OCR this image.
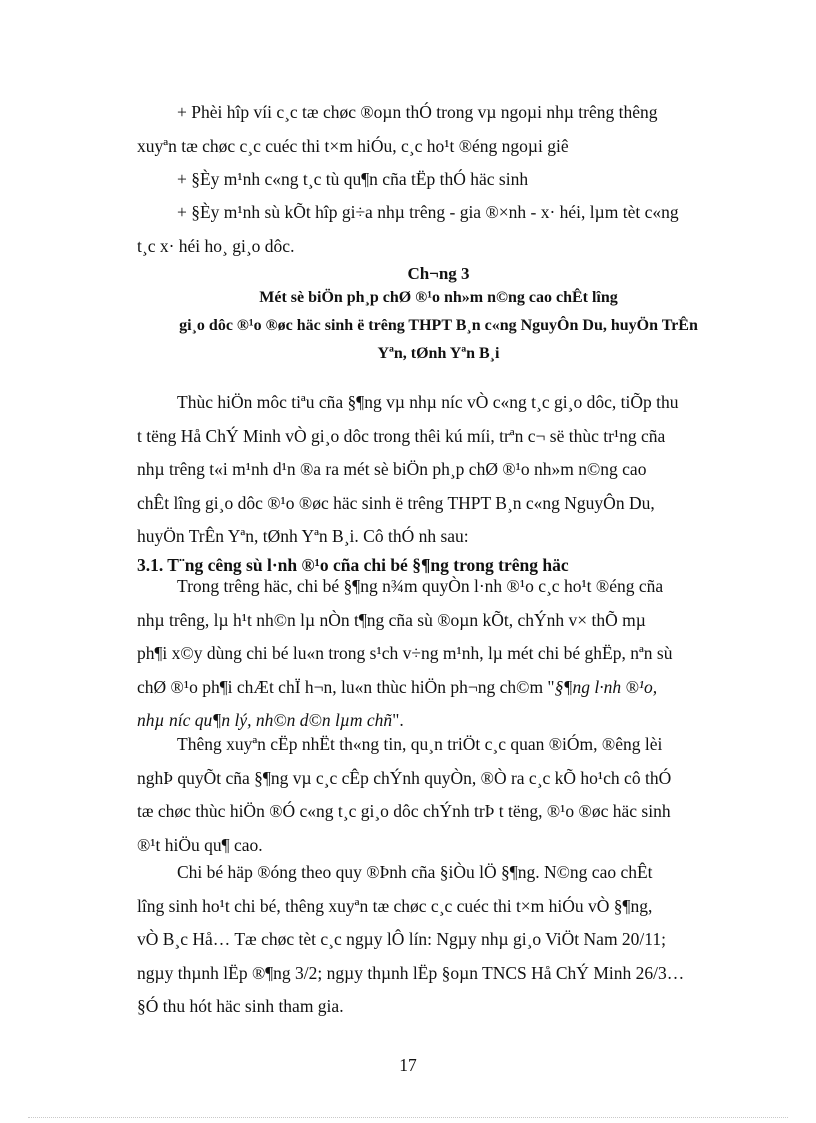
+ Phèi hîp víi c¸c tæ chøc ®oµn thÓ trong vµ ngoµi nhµ trêng thêng
xuyªn tæ chøc c¸c cuéc thi t×m hiÓu, c¸c ho¹t ®éng ngoµi giê
+ §Èy m¹nh c«ng t¸c tù qu¶n cña tËp thÓ häc sinh
+ §Èy m¹nh sù kÕt hîp gi÷a nhµ trêng - gia ®×nh - x· héi, lµm tèt c«ng
t¸c x· héi ho¸ gi¸o dôc.
Ch¬ng 3
Mét sè biÖn ph¸p chØ ®¹o nh»m n©ng cao chÊt lîng
gi¸o dôc ®¹o ®øc häc sinh ë trêng THPT B¸n c«ng NguyÔn Du, huyÖn TrÊn
Yªn, tØnh Yªn B¸i
Thùc hiÖn môc tiªu cña §¶ng vµ nhµ níc vÒ c«ng t¸c gi¸o dôc, tiÕp thu
t tëng Hå ChÝ Minh vÒ gi¸o dôc trong thêi kú míi, trªn c¬ së thùc tr¹ng cña
nhµ trêng t«i m¹nh d¹n ®a ra mét sè biÖn ph¸p chØ ®¹o nh»m n©ng cao
chÊt lîng gi¸o dôc ®¹o ®øc häc sinh ë trêng THPT B¸n c«ng NguyÔn Du,
huyÖn TrÊn Yªn, tØnh Yªn B¸i. Cô thÓ nh sau:
3.1. T¨ng cêng sù l·nh ®¹o cña chi bé §¶ng trong trêng häc
Trong trêng häc, chi bé §¶ng n¾m quyÒn l·nh ®¹o c¸c ho¹t ®éng cña
nhµ trêng, lµ h¹t nh©n lµ nÒn t¶ng cña sù ®oµn kÕt, chÝnh v× thÕ mµ
ph¶i x©y dùng chi bé lu«n trong s¹ch v÷ng m¹nh, lµ mét chi bé ghËp, nªn sù
chØ ®¹o ph¶i chÆt chÏ h¬n, lu«n thùc hiÖn ph¬ng ch©m "§¶ng l·nh ®¹o,
nhµ níc qu¶n lý, nh©n d©n lµm chñ".
Thêng xuyªn cËp nhËt th«ng tin, qu¸n triÖt c¸c quan ®iÓm, ®êng lèi
nghÞ quyÕt cña §¶ng vµ c¸c cÊp chÝnh quyÒn, ®Ò ra c¸c kÕ ho¹ch cô thÓ
tæ chøc thùc hiÖn ®Ó c«ng t¸c gi¸o dôc chÝnh trÞ t tëng, ®¹o ®øc häc sinh
®¹t hiÖu qu¶ cao.
Chi bé häp ®óng theo quy ®Þnh cña §iÒu lÖ §¶ng. N©ng cao chÊt
lîng sinh ho¹t chi bé, thêng xuyªn tæ chøc c¸c cuéc thi t×m hiÓu vÒ §¶ng,
vÒ B¸c Hå… Tæ chøc tèt c¸c ngµy lÔ lín: Ngµy nhµ gi¸o ViÖt Nam 20/11;
ngµy thµnh lËp ®¶ng 3/2; ngµy thµnh lËp §oµn TNCS Hå ChÝ Minh 26/3…
§Ó thu hót häc sinh tham gia.
17
